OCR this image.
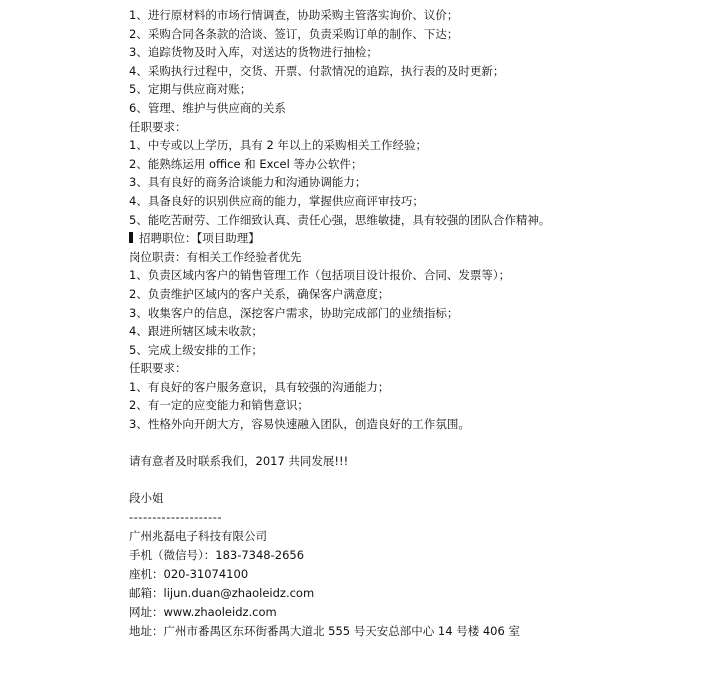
1、进行原材料的市场行情调查，协助采购主管落实询价、议价；
2、采购合同各条款的洽谈、签订，负责采购订单的制作、下达；
3、追踪货物及时入库，对送达的货物进行抽检；
4、采购执行过程中，交货、开票、付款情况的追踪，执行表的及时更新；
5、定期与供应商对账；
6、管理、维护与供应商的关系
任职要求：
1、中专或以上学历，具有 2 年以上的采购相关工作经验；
2、能熟练运用 office 和 Excel 等办公软件；
3、具有良好的商务洽谈能力和沟通协调能力；
4、具备良好的识别供应商的能力，掌握供应商评审技巧；
5、能吃苦耐劳、工作细致认真、责任心强，思维敏捷，具有较强的团队合作精神。
招聘职位：【项目助理】
岗位职责：有相关工作经验者优先
1、负责区域内客户的销售管理工作（包括项目设计报价、合同、发票等）；
2、负责维护区域内的客户关系，确保客户满意度；
3、收集客户的信息，深挖客户需求，协助完成部门的业绩指标；
4、跟进所辖区域未收款；
5、完成上级安排的工作；
任职要求：
1、有良好的客户服务意识，具有较强的沟通能力；
2、有一定的应变能力和销售意识；
3、性格外向开朗大方，容易快速融入团队，创造良好的工作氛围。
请有意者及时联系我们，2017 共同发展!!!
段小姐
--------------------
广州兆磊电子科技有限公司
手机（微信号）：183-7348-2656
座机：020-31074100
邮箱：lijun.duan@zhaoleidz.com
网址：www.zhaoleidz.com
地址：广州市番禺区东环街番禺大道北 555 号天安总部中心 14 号楼 406 室
